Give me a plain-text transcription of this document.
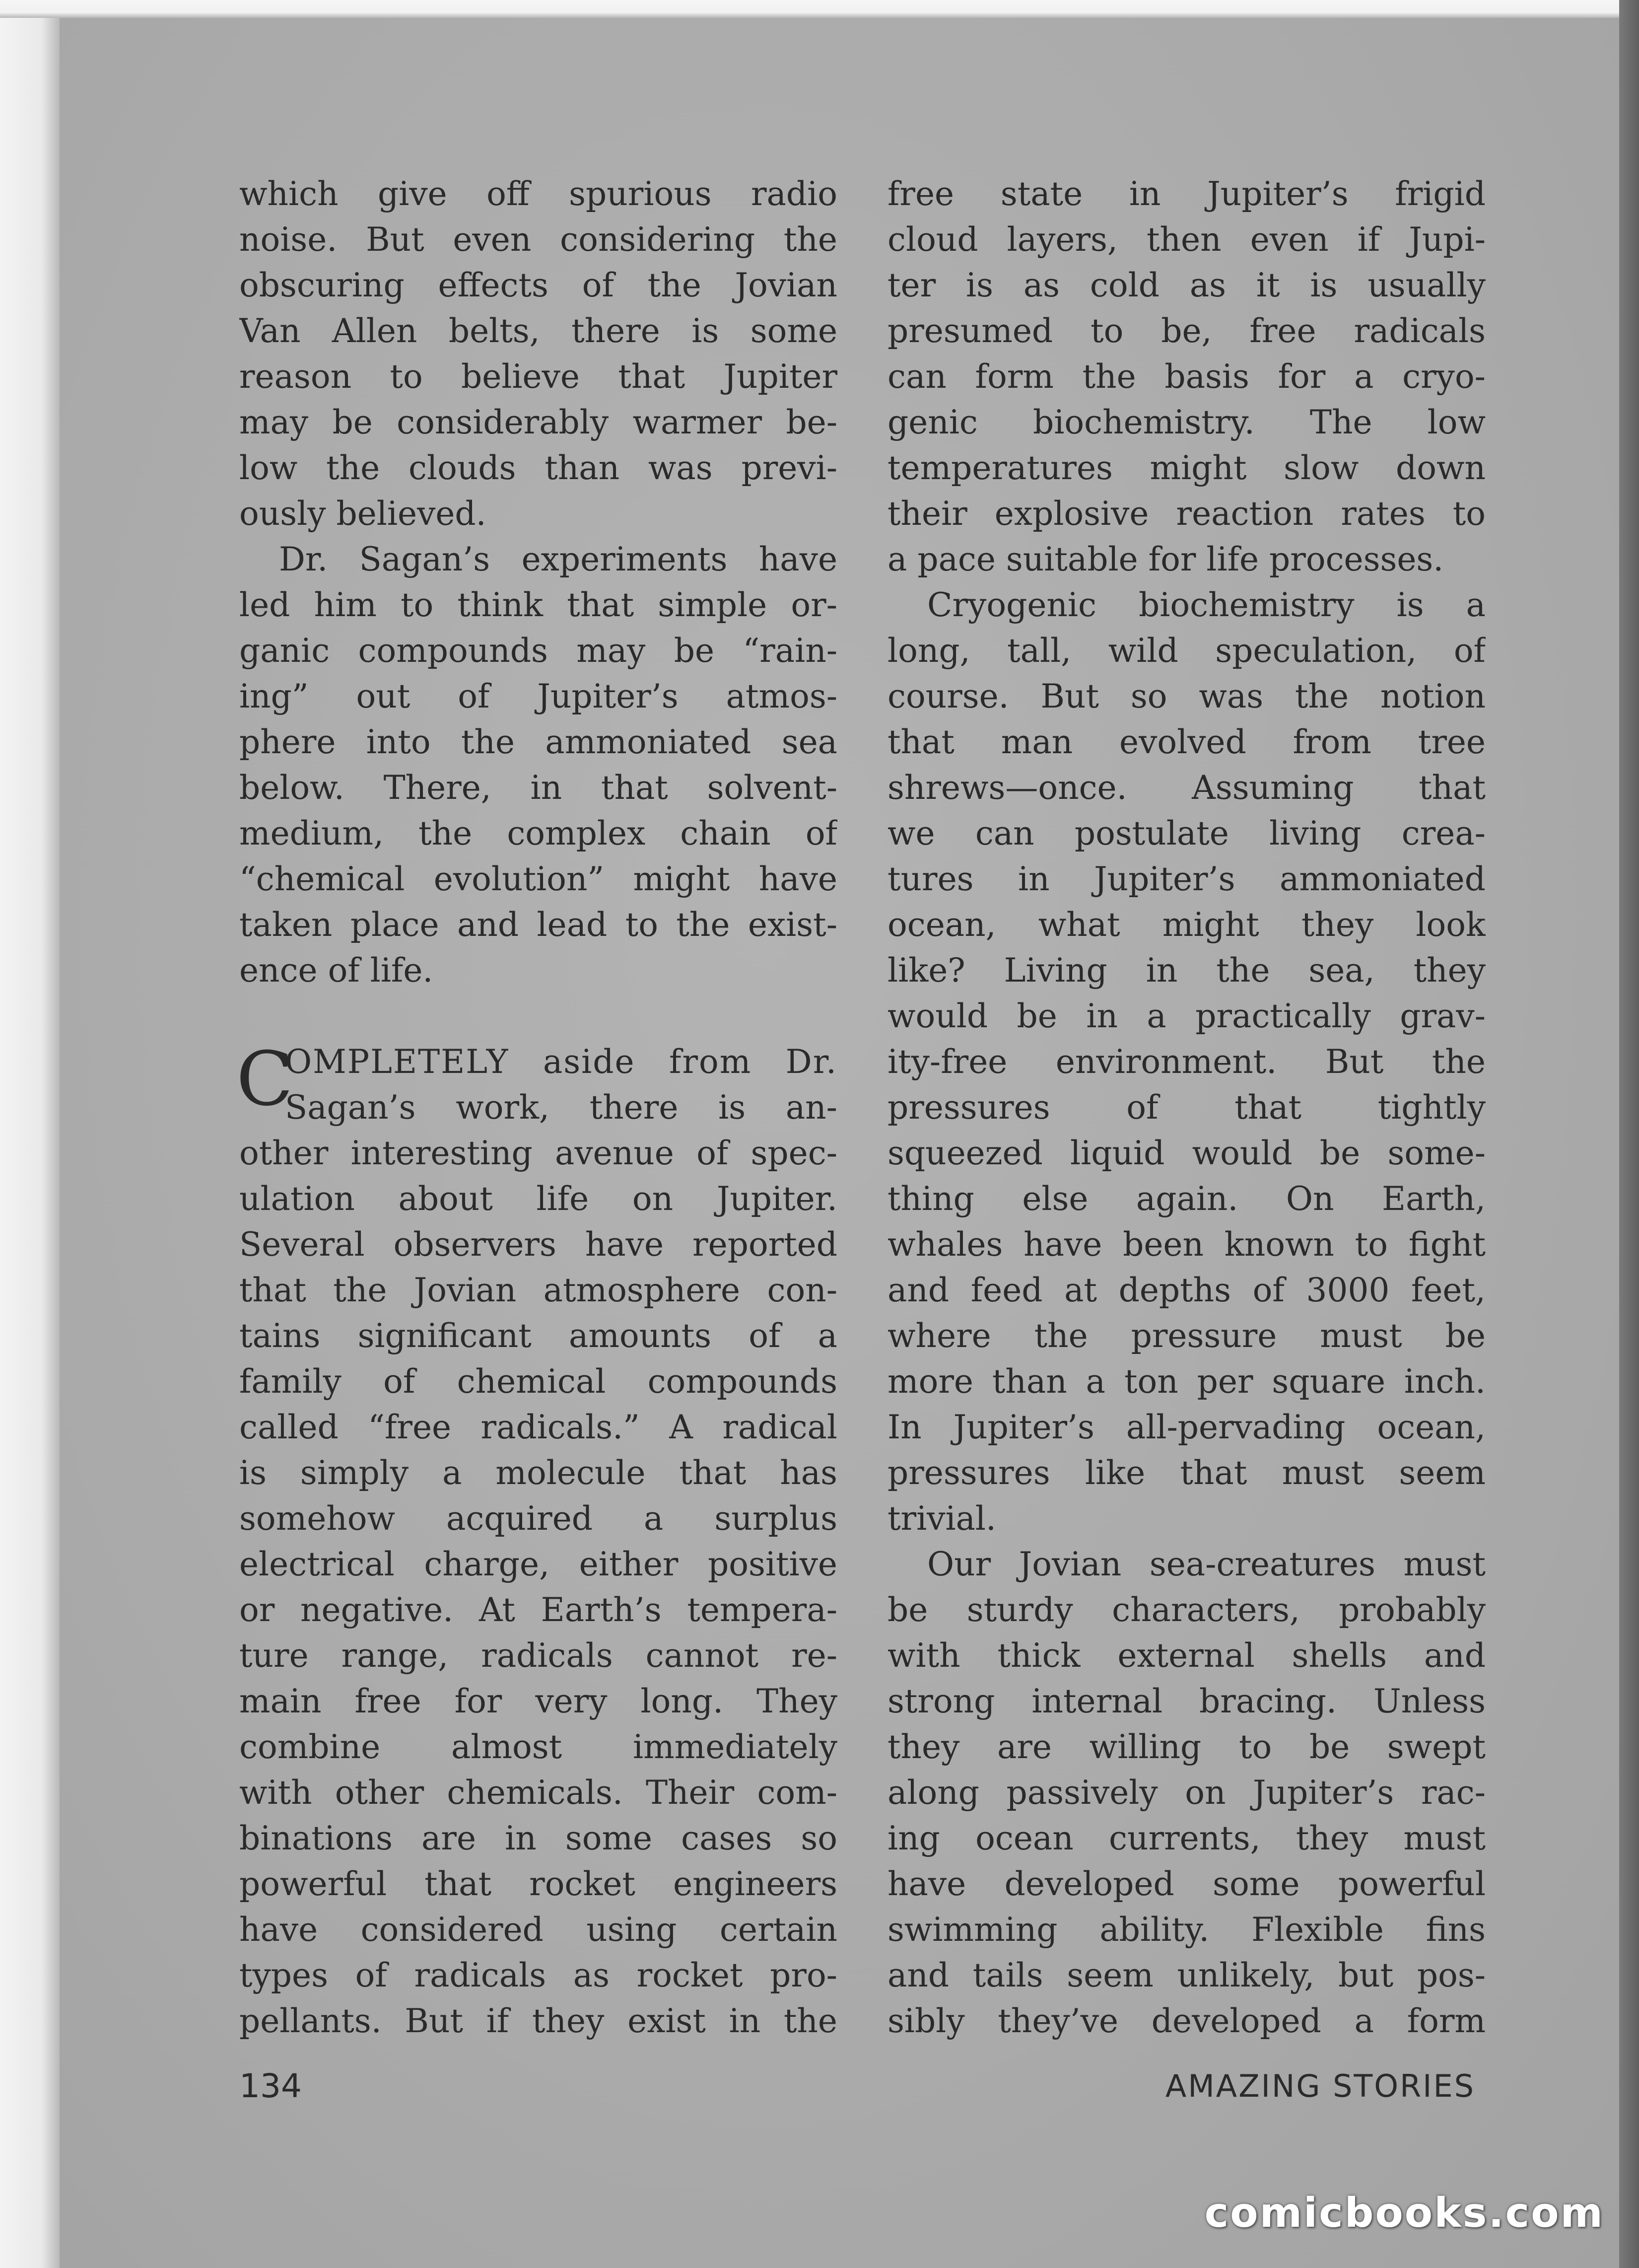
which give off spurious radio
noise. But even considering the
obscuring effects of the Jovian
Van Allen belts, there is some
reason to believe that Jupiter
may be considerably warmer be-
low the clouds than was previ-
ously believed.
Dr. Sagan’s experiments have
led him to think that simple or-
ganic compounds may be “rain-
ing” out of Jupiter’s atmos-
phere into the ammoniated sea
below. There, in that solvent-
medium, the complex chain of
“chemical evolution” might have
taken place and lead to the exist-
ence of life.
C
OMPLETELY aside from Dr.
Sagan’s work, there is an-
other interesting avenue of spec-
ulation about life on Jupiter.
Several observers have reported
that the Jovian atmosphere con-
tains significant amounts of a
family of chemical compounds
called “free radicals.” A radical
is simply a molecule that has
somehow acquired a surplus
electrical charge, either positive
or negative. At Earth’s tempera-
ture range, radicals cannot re-
main free for very long. They
combine almost immediately
with other chemicals. Their com-
binations are in some cases so
powerful that rocket engineers
have considered using certain
types of radicals as rocket pro-
pellants. But if they exist in the
free state in Jupiter’s frigid
cloud layers, then even if Jupi-
ter is as cold as it is usually
presumed to be, free radicals
can form the basis for a cryo-
genic biochemistry. The low
temperatures might slow down
their explosive reaction rates to
a pace suitable for life processes.
Cryogenic biochemistry is a
long, tall, wild speculation, of
course. But so was the notion
that man evolved from tree
shrews—once. Assuming that
we can postulate living crea-
tures in Jupiter’s ammoniated
ocean, what might they look
like? Living in the sea, they
would be in a practically grav-
ity-free environment. But the
pressures of that tightly
squeezed liquid would be some-
thing else again. On Earth,
whales have been known to fight
and feed at depths of 3000 feet,
where the pressure must be
more than a ton per square inch.
In Jupiter’s all-pervading ocean,
pressures like that must seem
trivial.
Our Jovian sea-creatures must
be sturdy characters, probably
with thick external shells and
strong internal bracing. Unless
they are willing to be swept
along passively on Jupiter’s rac-
ing ocean currents, they must
have developed some powerful
swimming ability. Flexible fins
and tails seem unlikely, but pos-
sibly they’ve developed a form
134	AMAZING STORIES
comicbooks.com
